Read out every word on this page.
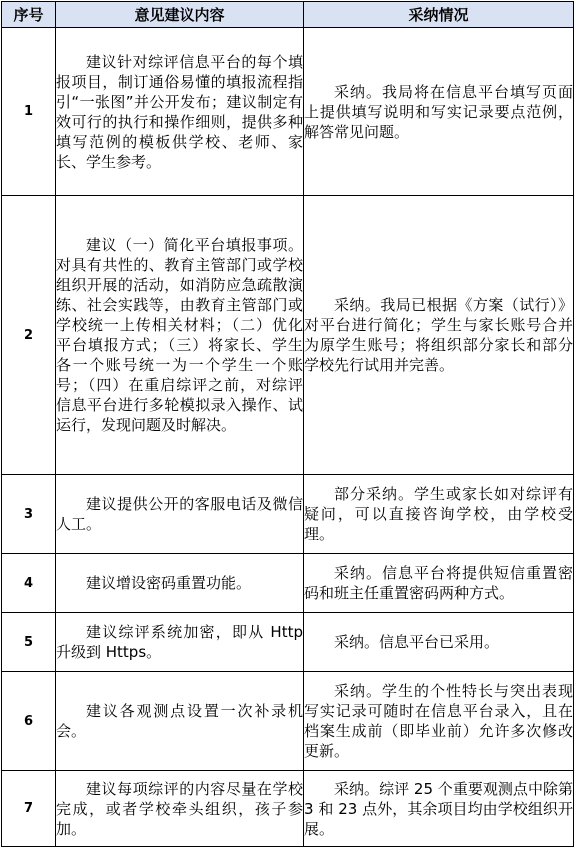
序号	意见建议内容	采纳情况
1	建议针对综评信息平台的每个填报项目，制订通俗易懂的填报流程指引“一张图”并公开发布；建议制定有效可行的执行和操作细则，提供多种填写范例的模板供学校、老师、家长、学生参考。	采纳。我局将在信息平台填写页面上提供填写说明和写实记录要点范例，解答常见问题。

2	建议（一）简化平台填报事项。对具有共性的、教育主管部门或学校组织开展的活动，如消防应急疏散演练、社会实践等，由教育主管部门或学校统一上传相关材料；（二）优化平台填报方式；（三）将家长、学生各一个账号统一为一个学生一个账号；（四）在重启综评之前，对综评信息平台进行多轮模拟录入操作、试运行，发现问题及时解决。	采纳。我局已根据《方案（试行）》对平台进行简化；学生与家长账号合并为原学生账号；将组织部分家长和部分学校先行试用并完善。

3	建议提供公开的客服电话及微信人工。	部分采纳。学生或家长如对综评有疑问，可以直接咨询学校，由学校受理。

4	建议增设密码重置功能。	采纳。信息平台将提供短信重置密码和班主任重置密码两种方式。

5	建议综评系统加密，即从 Http 升级到 Https。	采纳。信息平台已采用。

6	建议各观测点设置一次补录机会。	采纳。学生的个性特长与突出表现写实记录可随时在信息平台录入，且在档案生成前（即毕业前）允许多次修改更新。

7	建议每项综评的内容尽量在学校完成，或者学校牵头组织，孩子参加。	采纳。综评 25 个重要观测点中除第 3 和 23 点外，其余项目均由学校组织开展。
